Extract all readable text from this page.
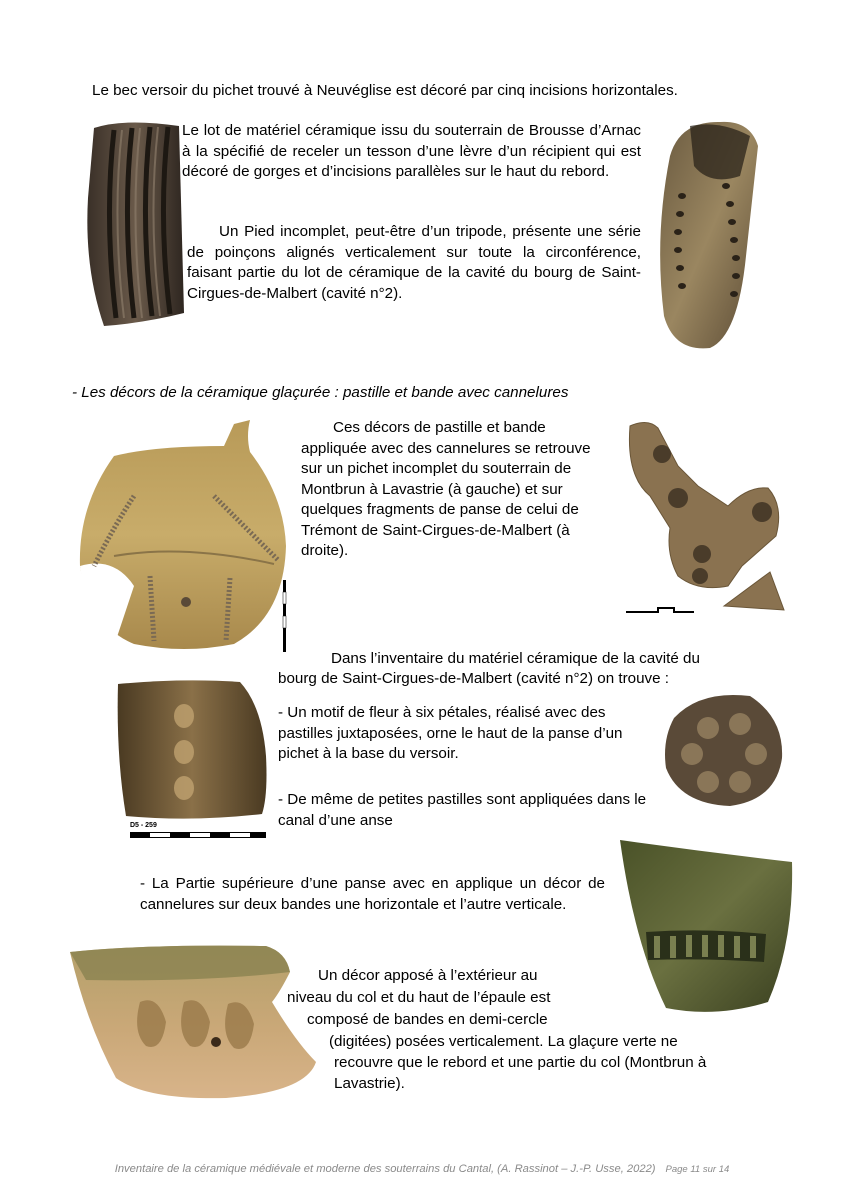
Le bec versoir du pichet trouvé à Neuvéglise est décoré par cinq incisions horizontales.

Le lot de matériel céramique issu du souterrain de Brousse d’Arnac à la spécifié de receler un tesson d’une lèvre d’un récipient qui est décoré de gorges et d’incisions parallèles sur le haut du rebord.

Un Pied incomplet, peut-être d’un tripode, présente une série de poinçons alignés verticalement sur toute la circonférence, faisant partie du lot de céramique de la cavité du bourg de Saint-Cirgues-de-Malbert (cavité n°2).

- Les décors de la céramique glaçurée : pastille et bande avec cannelures

Ces décors de pastille et bande appliquée avec des cannelures se retrouve sur un pichet incomplet du souterrain de Montbrun à Lavastrie (à gauche) et sur quelques fragments de panse de celui de Trémont de Saint-Cirgues-de-Malbert (à droite).

Dans l’inventaire du matériel céramique de la cavité du

bourg de Saint-Cirgues-de-Malbert (cavité n°2) on trouve :

D5 - 259

- Un motif de fleur à six pétales, réalisé avec des pastilles juxtaposées, orne le haut de la panse d’un pichet à la base du versoir.

- De même de petites pastilles sont appliquées dans le canal d’une anse

- La Partie supérieure d’une panse avec en applique un décor de cannelures sur deux bandes une horizontale et l’autre verticale.

Un décor apposé à l’extérieur au

niveau du col et du haut de l’épaule est

composé de bandes en demi-cercle

(digitées) posées verticalement. La glaçure verte ne

recouvre que le rebord et une partie du col (Montbrun à

Lavastrie).

Inventaire de la céramique médiévale et moderne des souterrains du Cantal, (A. Rassinot – J.-P. Usse, 2022) Page 11 sur 14
